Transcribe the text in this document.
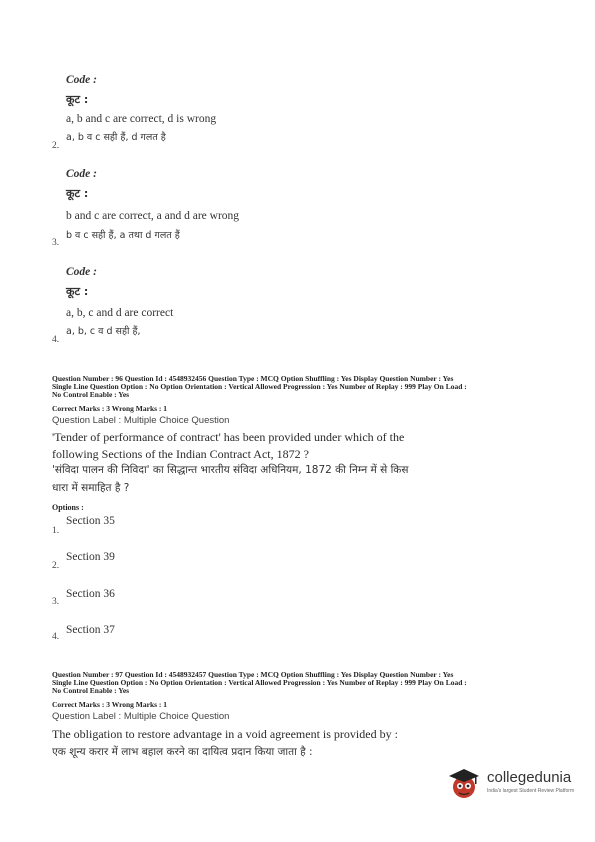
Code :
कूट :
a, b and c are correct, d is wrong
a, b व c सही हैं, d गलत है
2.
Code :
कूट :
b and c are correct, a and d are wrong
b व c सही हैं, a तथा d गलत हैं
3.
Code :
कूट :
a, b, c and d are correct
a, b, c व d सही हैं,
4.
Question Number : 96 Question Id : 4548932456 Question Type : MCQ Option Shuffling : Yes Display Question Number : Yes
Single Line Question Option : No Option Orientation : Vertical Allowed Progression : Yes Number of Replay : 999 Play On Load :
No Control Enable : Yes
Correct Marks : 3 Wrong Marks : 1
Question Label : Multiple Choice Question
'Tender of performance of contract' has been provided under which of the
following Sections of the Indian Contract Act, 1872 ?
'संविदा पालन की निविदा' का सिद्धान्त भारतीय संविदा अधिनियम, 1872 की निम्न में से किस
धारा में समाहित है ?
Options :
Section 35
1.
Section 39
2.
Section 36
3.
Section 37
4.
Question Number : 97 Question Id : 4548932457 Question Type : MCQ Option Shuffling : Yes Display Question Number : Yes
Single Line Question Option : No Option Orientation : Vertical Allowed Progression : Yes Number of Replay : 999 Play On Load :
No Control Enable : Yes
Correct Marks : 3 Wrong Marks : 1
Question Label : Multiple Choice Question
The obligation to restore advantage in a void agreement is provided by :
एक शून्य करार में लाभ बहाल करने का दायित्व प्रदान किया जाता है :
collegedunia
India's largest Student Review Platform
